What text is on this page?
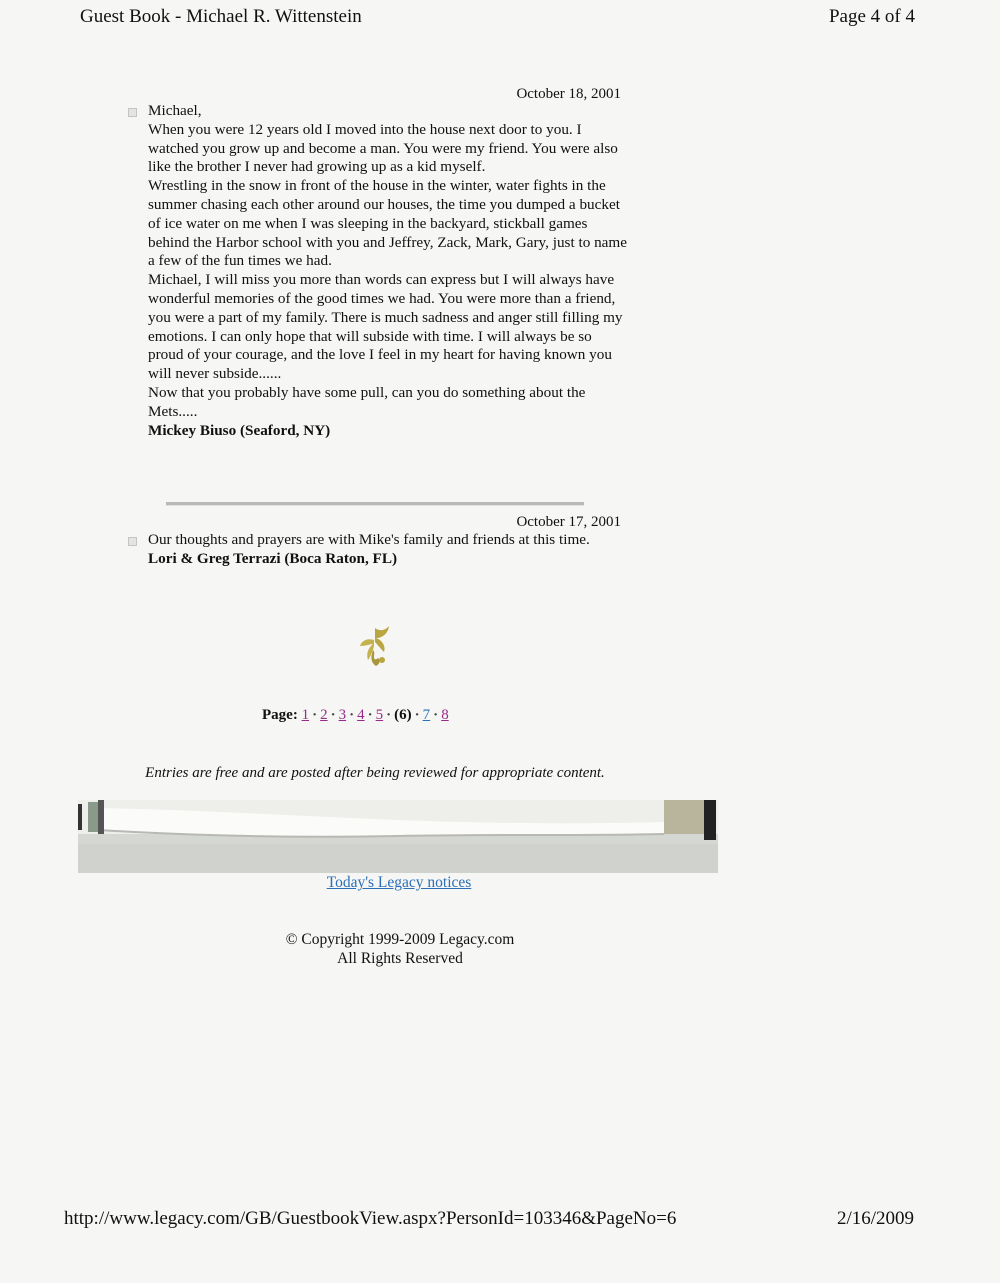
Guest Book - Michael R. Wittenstein	Page 4 of 4
October 18, 2001

Michael,

When you were 12 years old I moved into the house next door to you. I watched you grow up and become a man. You were my friend. You were also like the brother I never had growing up as a kid myself.

Wrestling in the snow in front of the house in the winter, water fights in the summer chasing each other around our houses, the time you dumped a bucket of ice water on me when I was sleeping in the backyard, stickball games behind the Harbor school with you and Jeffrey, Zack, Mark, Gary, just to name a few of the fun times we had.

Michael, I will miss you more than words can express but I will always have wonderful memories of the good times we had. You were more than a friend, you were a part of my family. There is much sadness and anger still filling my emotions. I can only hope that will subside with time. I will always be so proud of your courage, and the love I feel in my heart for having known you will never subside......

Now that you probably have some pull, can you do something about the Mets.....

Mickey Biuso (Seaford, NY)

October 17, 2001

Our thoughts and prayers are with Mike's family and friends at this time.

Lori & Greg Terrazi (Boca Raton, FL)

Page: 1 · 2 · 3 · 4 · 5 · (6) · 7 · 8
Entries are free and are posted after being reviewed for appropriate content.
Today's Legacy notices
© Copyright 1999-2009 Legacy.com
All Rights Reserved
http://www.legacy.com/GB/GuestbookView.aspx?PersonId=103346&PageNo=6	2/16/2009
